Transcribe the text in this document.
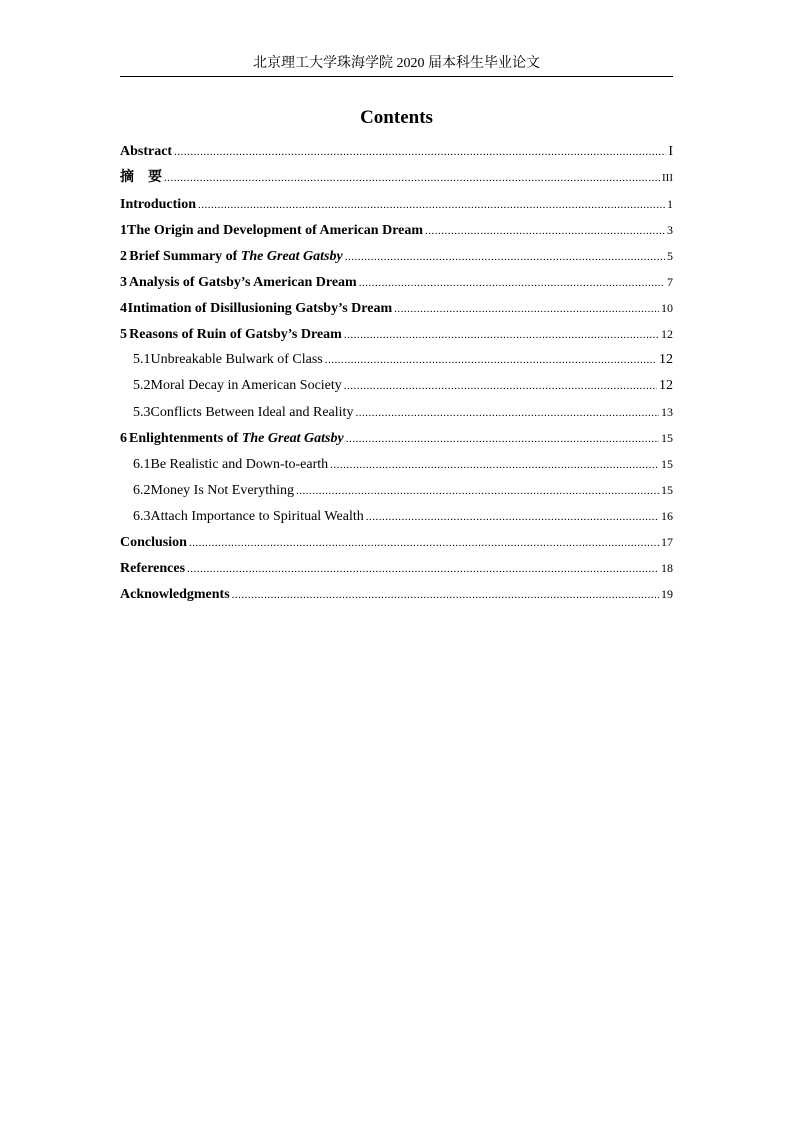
北京理工大学珠海学院 2020 届本科生毕业论文
Contents
Abstract .....	I
摘　要 .....	III
Introduction .....	1
1 The Origin and Development of American Dream .....	3
2 Brief Summary of The Great Gatsby .....	5
3 Analysis of Gatsby’s American Dream .....	7
4 Intimation of Disillusioning Gatsby’s Dream .....	10
5 Reasons of Ruin of Gatsby’s Dream .....	12
5.1 Unbreakable Bulwark of Class .....	12
5.2 Moral Decay in American Society .....	12
5.3 Conflicts Between Ideal and Reality .....	13
6 Enlightenments of The Great Gatsby .....	15
6.1 Be Realistic and Down-to-earth .....	15
6.2 Money Is Not Everything .....	15
6.3 Attach Importance to Spiritual Wealth .....	16
Conclusion .....	17
References .....	18
Acknowledgments .....	19
